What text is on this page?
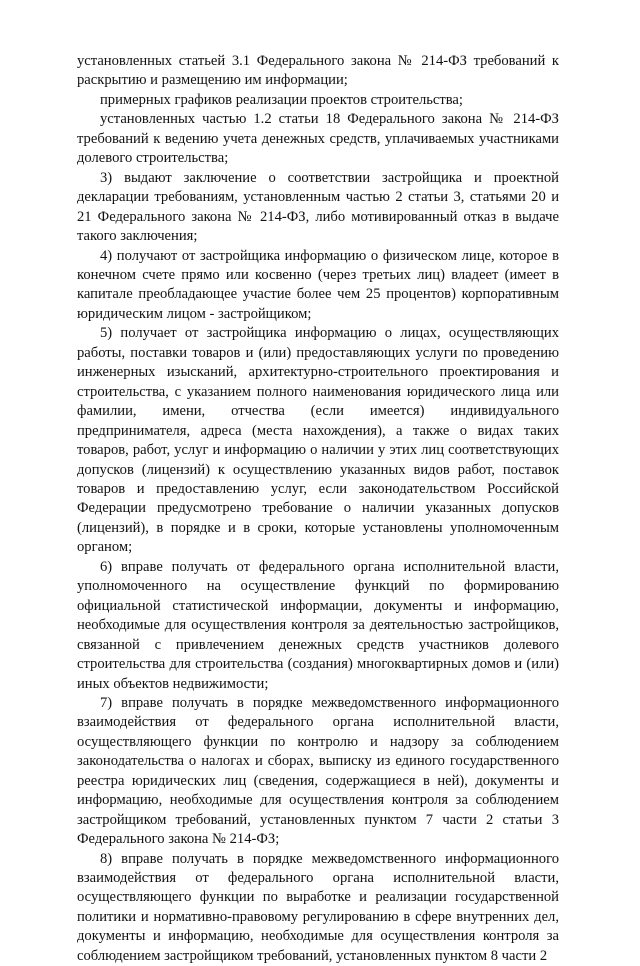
установленных статьей 3.1 Федерального закона № 214-ФЗ требований к раскрытию и размещению им информации;

примерных графиков реализации проектов строительства;

установленных частью 1.2 статьи 18 Федерального закона № 214-ФЗ требований к ведению учета денежных средств, уплачиваемых участниками долевого строительства;

3) выдают заключение о соответствии застройщика и проектной декларации требованиям, установленным частью 2 статьи 3, статьями 20 и 21 Федерального закона № 214-ФЗ, либо мотивированный отказ в выдаче такого заключения;

4) получают от застройщика информацию о физическом лице, которое в конечном счете прямо или косвенно (через третьих лиц) владеет (имеет в капитале преобладающее участие более чем 25 процентов) корпоративным юридическим лицом - застройщиком;

5) получает от застройщика информацию о лицах, осуществляющих работы, поставки товаров и (или) предоставляющих услуги по проведению инженерных изысканий, архитектурно-строительного проектирования и строительства, с указанием полного наименования юридического лица или фамилии, имени, отчества (если имеется) индивидуального предпринимателя, адреса (места нахождения), а также о видах таких товаров, работ, услуг и информацию о наличии у этих лиц соответствующих допусков (лицензий) к осуществлению указанных видов работ, поставок товаров и предоставлению услуг, если законодательством Российской Федерации предусмотрено требование о наличии указанных допусков (лицензий), в порядке и в сроки, которые установлены уполномоченным органом;

6) вправе получать от федерального органа исполнительной власти, уполномоченного на осуществление функций по формированию официальной статистической информации, документы и информацию, необходимые для осуществления контроля за деятельностью застройщиков, связанной с привлечением денежных средств участников долевого строительства для строительства (создания) многоквартирных домов и (или) иных объектов недвижимости;

7) вправе получать в порядке межведомственного информационного взаимодействия от федерального органа исполнительной власти, осуществляющего функции по контролю и надзору за соблюдением законодательства о налогах и сборах, выписку из единого государственного реестра юридических лиц (сведения, содержащиеся в ней), документы и информацию, необходимые для осуществления контроля за соблюдением застройщиком требований, установленных пунктом 7 части 2 статьи 3 Федерального закона № 214-ФЗ;

8) вправе получать в порядке межведомственного информационного взаимодействия от федерального органа исполнительной власти, осуществляющего функции по выработке и реализации государственной политики и нормативно-правовому регулированию в сфере внутренних дел, документы и информацию, необходимые для осуществления контроля за соблюдением застройщиком требований, установленных пунктом 8 части 2
